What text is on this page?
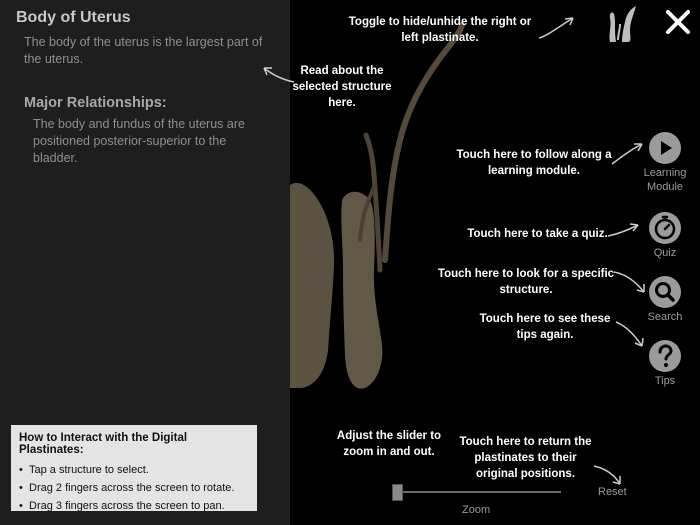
Body of Uterus
The body of the uterus is the largest part of the uterus.
Major Relationships:
The body and fundus of the uterus are positioned posterior-superior to the bladder.
How to Interact with the Digital Plastinates:
• Tap a structure to select.
• Drag 2 fingers across the screen to rotate.
• Drag 3 fingers across the screen to pan.
Toggle to hide/unhide the right or left plastinate.
Read about the selected structure here.
Touch here to follow along a learning module.
Touch here to take a quiz.
Touch here to look for a specific structure.
Touch here to see these tips again.
Adjust the slider to zoom in and out.
Touch here to return the plastinates to their original positions.
Learning Module
Quiz
Search
Tips
Zoom
Reset
